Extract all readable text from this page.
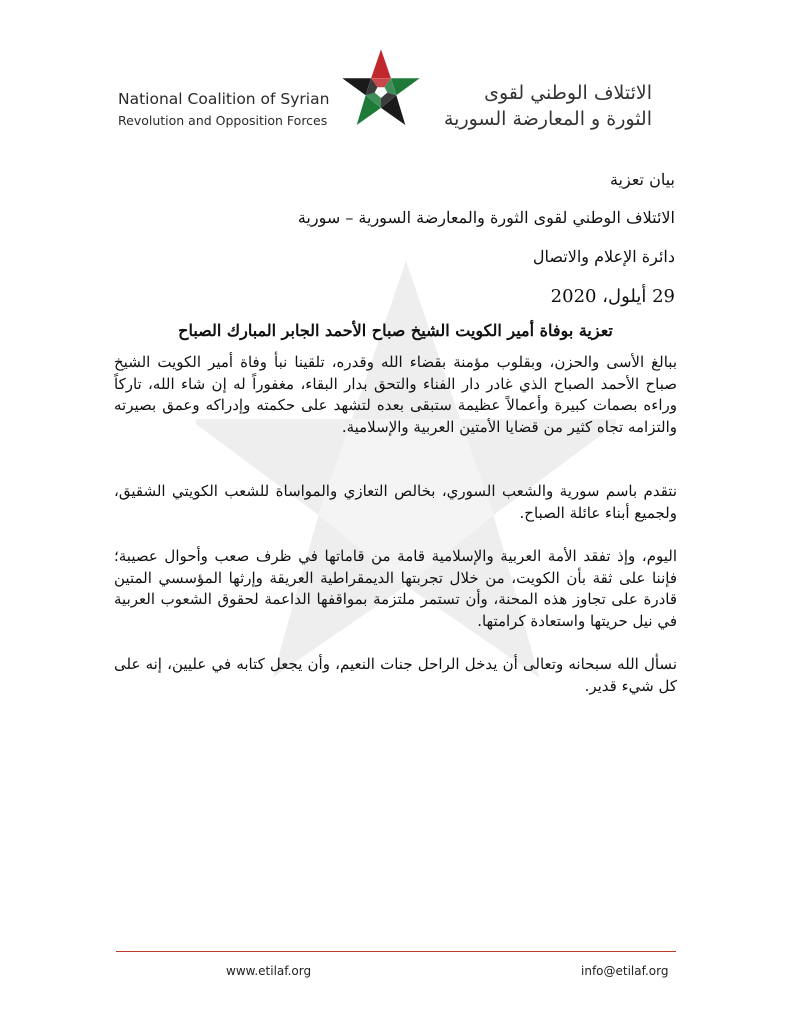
National Coalition of Syrian
Revolution and Opposition Forces
الائتلاف الوطني لقوى
الثورة و المعارضة السورية
بيان تعزية
الائتلاف الوطني لقوى الثورة والمعارضة السورية – سورية
دائرة الإعلام والاتصال
29 أيلول، 2020
تعزية بوفاة أمير الكويت الشيخ صباح الأحمد الجابر المبارك الصباح
ببالغ الأسى والحزن، وبقلوب مؤمنة بقضاء الله وقدره، تلقينا نبأ وفاة أمير الكويت الشيخ صباح الأحمد الصباح الذي غادر دار الفناء والتحق بدار البقاء، مغفوراً له إن شاء الله، تاركاً وراءه بصمات كبيرة وأعمالاً عظيمة ستبقى بعده لتشهد على حكمته وإدراكه وعمق بصيرته والتزامه تجاه كثير من قضايا الأمتين العربية والإسلامية.
نتقدم باسم سورية والشعب السوري، بخالص التعازي والمواساة للشعب الكويتي الشقيق، ولجميع أبناء عائلة الصباح.
اليوم، وإذ تفقد الأمة العربية والإسلامية قامة من قاماتها في ظرف صعب وأحوال عصيبة؛ فإننا على ثقة بأن الكويت، من خلال تجربتها الديمقراطية العريقة وإرثها المؤسسي المتين قادرة على تجاوز هذه المحنة، وأن تستمر ملتزمة بمواقفها الداعمة لحقوق الشعوب العربية في نيل حريتها واستعادة كرامتها.
نسأل الله سبحانه وتعالى أن يدخل الراحل جنات النعيم، وأن يجعل كتابه في عليين، إنه على كل شيء قدير.
www.etilaf.org	info@etilaf.org
